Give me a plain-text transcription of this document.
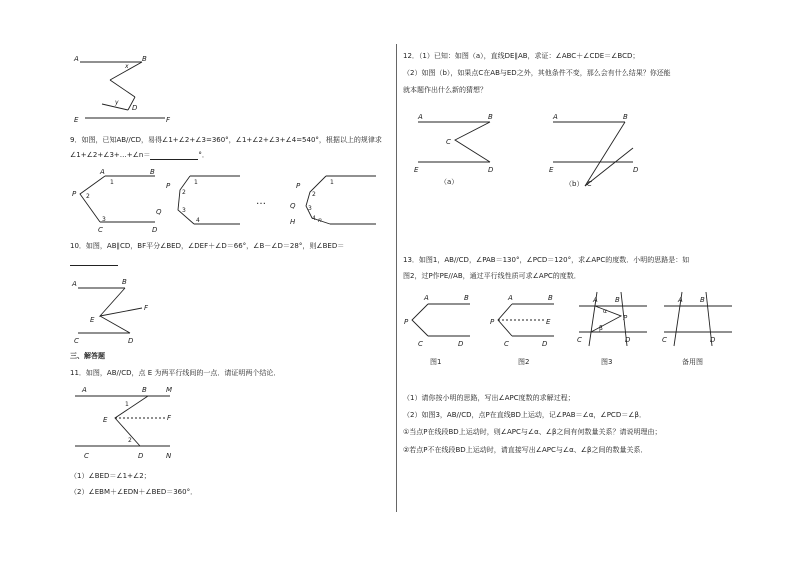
A	B
x
y
D
E	F
9．如图，已知AB//CD，易得∠1+∠2+∠3=360°，∠1+∠2+∠3+∠4=540°，根据以上的规律求
∠1+∠2+∠3+…+∠n＝	°．
A	B
P
1
2
3
C	D
P
Q
1
2
3
4
…
P
Q
H
1
2
3
4 n
10．如图，AB∥CD，BF平分∠BED，∠DEF＋∠D＝66°，∠B－∠D＝28°，则∠BED＝
A	B
E
F
C	D
三、解答题
11．如图，AB//CD，点 E 为两平行线间的一点．请证明两个结论．
A	B	M
E	F
C	D	N
1
2
（1）∠BED＝∠1+∠2；
（2）∠EBM＋∠EDN＋∠BED＝360°．
12．（1）已知：如图（a），直线DE∥AB，求证：∠ABC＋∠CDE＝∠BCD；
（2）如图（b），如果点C在AB与ED之外，其他条件不变，那么会有什么结果？你还能
就本题作出什么新的猜想？
A	B
C
E	D
（a）
A	B
E	D
（b） C
13．如图1，AB//CD，∠PAB＝130°，∠PCD＝120°，求∠APC的度数．小明的思路是：如
图2，过P作PE//AB，通过平行线性质可求∠APC的度数．
A	B
P
C	D
图1
A	B
P	E
C	D
图2
A B
P
α
β
C	D
图3
A B
C	D
备用图
（1）请你按小明的思路，写出∠APC度数的求解过程；
（2）如图3，AB//CD，点P在直线BD上运动，记∠PAB＝∠α，∠PCD＝∠β．
①当点P在线段BD上运动时，则∠APC与∠α、∠β之间有何数量关系？请说明理由；
②若点P不在线段BD上运动时，请直接写出∠APC与∠α、∠β之间的数量关系．
